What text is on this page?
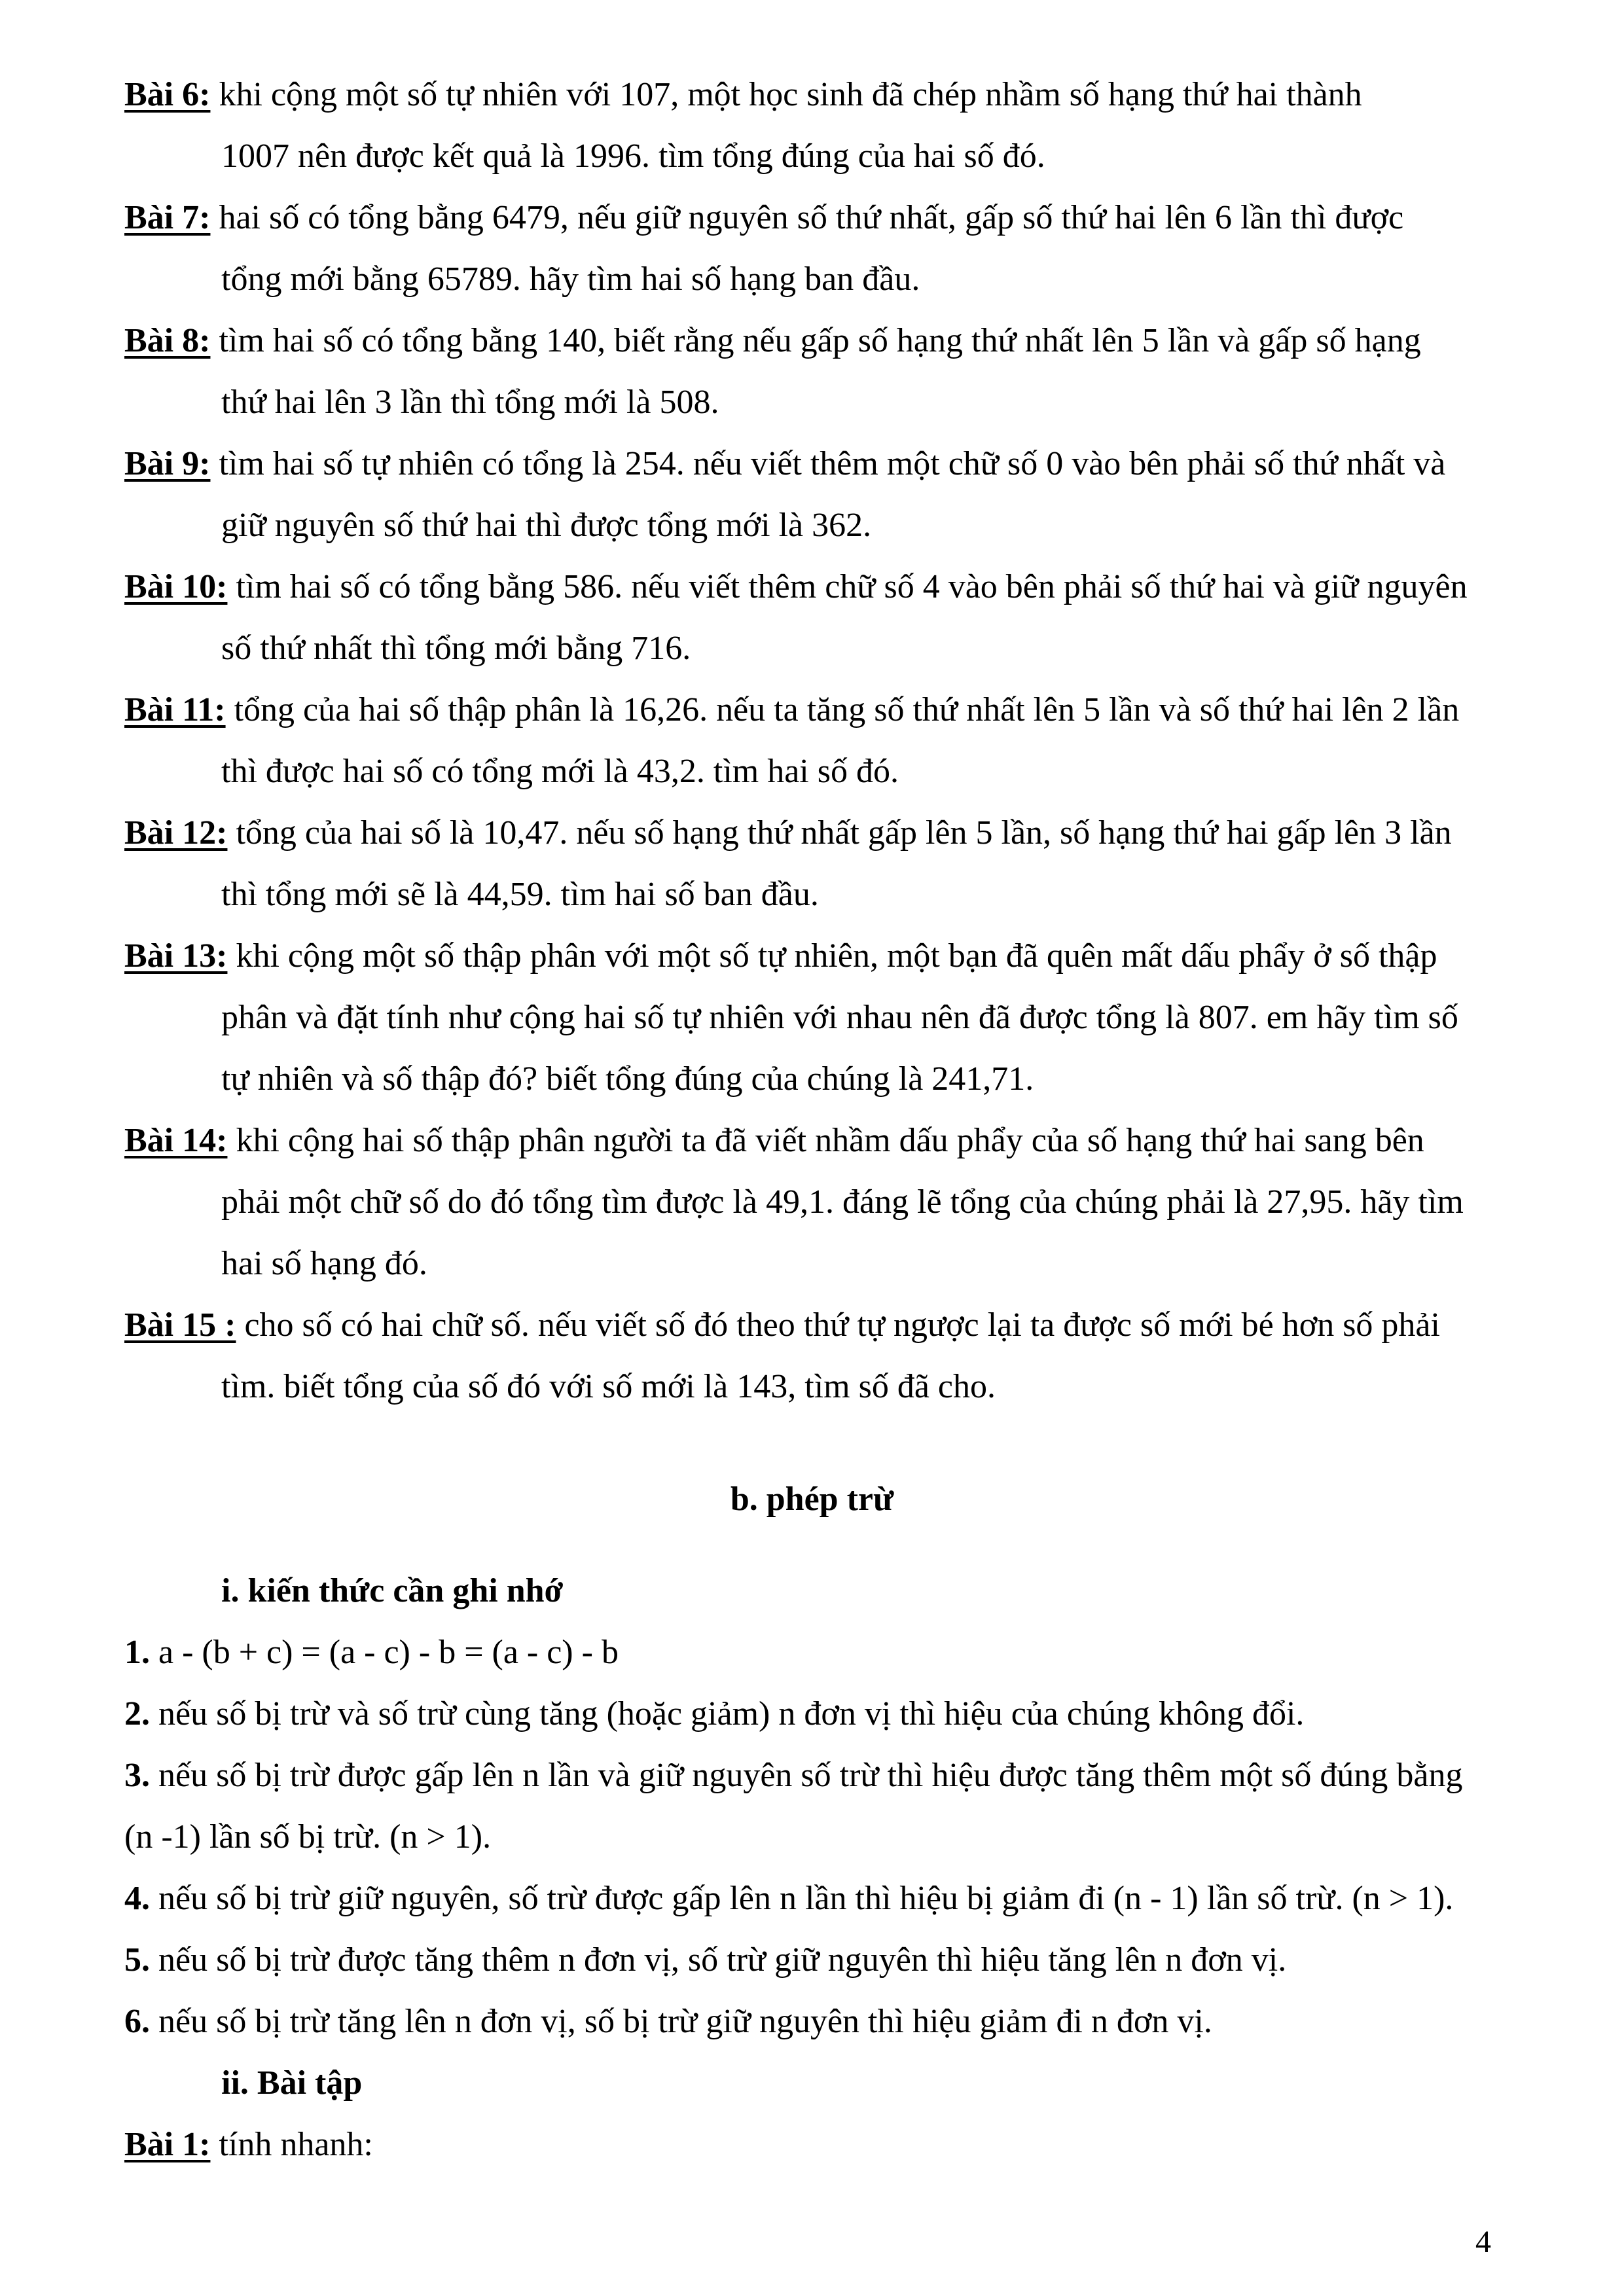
Bài 6: khi cộng một số tự nhiên với 107, một học sinh đã chép nhầm số hạng thứ hai thành
1007 nên được kết quả là 1996. tìm tổng đúng của hai số đó.
Bài 7: hai số có tổng bằng 6479, nếu giữ nguyên số thứ nhất, gấp số thứ hai lên 6 lần thì được
tổng mới bằng 65789. hãy tìm hai số hạng ban đầu.
Bài 8: tìm hai số có tổng bằng 140, biết rằng nếu gấp số hạng thứ nhất lên 5 lần và gấp số hạng
thứ hai lên 3 lần thì tổng mới là 508.
Bài 9: tìm hai số tự nhiên có tổng là 254. nếu viết thêm một chữ số 0 vào bên phải số thứ nhất và
giữ nguyên số thứ hai thì được tổng mới là 362.
Bài 10: tìm hai số có tổng bằng 586. nếu viết thêm chữ số 4 vào bên phải số thứ hai và giữ nguyên
số thứ nhất thì tổng mới bằng 716.
Bài 11: tổng của hai số thập phân là 16,26. nếu ta tăng số thứ nhất lên 5 lần và số thứ hai lên 2 lần
thì được hai số có tổng mới là 43,2. tìm hai số đó.
Bài 12: tổng của hai số là 10,47. nếu số hạng thứ nhất gấp lên 5 lần, số hạng thứ hai gấp lên 3 lần
thì tổng mới sẽ là 44,59. tìm hai số ban đầu.
Bài 13: khi cộng một số thập phân với một số tự nhiên, một bạn đã quên mất dấu phẩy ở số thập
phân và đặt tính như cộng hai số tự nhiên với nhau nên đã được tổng là 807. em hãy tìm số
tự nhiên và số thập đó? biết tổng đúng của chúng là 241,71.
Bài 14: khi cộng hai số thập phân người ta đã viết nhầm dấu phẩy của số hạng thứ hai sang bên
phải một chữ số do đó tổng tìm được là 49,1. đáng lẽ tổng của chúng phải là 27,95. hãy tìm
hai số hạng đó.
Bài 15 : cho số có hai chữ số. nếu viết số đó theo thứ tự ngược lại ta được số mới bé hơn số phải
tìm. biết tổng của số đó với số mới là 143, tìm số đã cho.
b. phép trừ
i. kiến thức cần ghi nhớ
1. a - (b + c) = (a - c) - b = (a - c) - b
2. nếu số bị trừ và số trừ cùng tăng (hoặc giảm) n đơn vị thì hiệu của chúng không đổi.
3. nếu số bị trừ được gấp lên n lần và giữ nguyên số trừ thì hiệu được tăng thêm một số đúng bằng
(n -1) lần số bị trừ. (n > 1).
4. nếu số bị trừ giữ nguyên, số trừ được gấp lên n lần thì hiệu bị giảm đi (n - 1) lần số trừ. (n > 1).
5. nếu số bị trừ được tăng thêm n đơn vị, số trừ giữ nguyên thì hiệu tăng lên n đơn vị.
6. nếu số bị trừ tăng lên n đơn vị, số bị trừ giữ nguyên thì hiệu giảm đi n đơn vị.
ii. Bài tập
Bài 1: tính nhanh:
4
